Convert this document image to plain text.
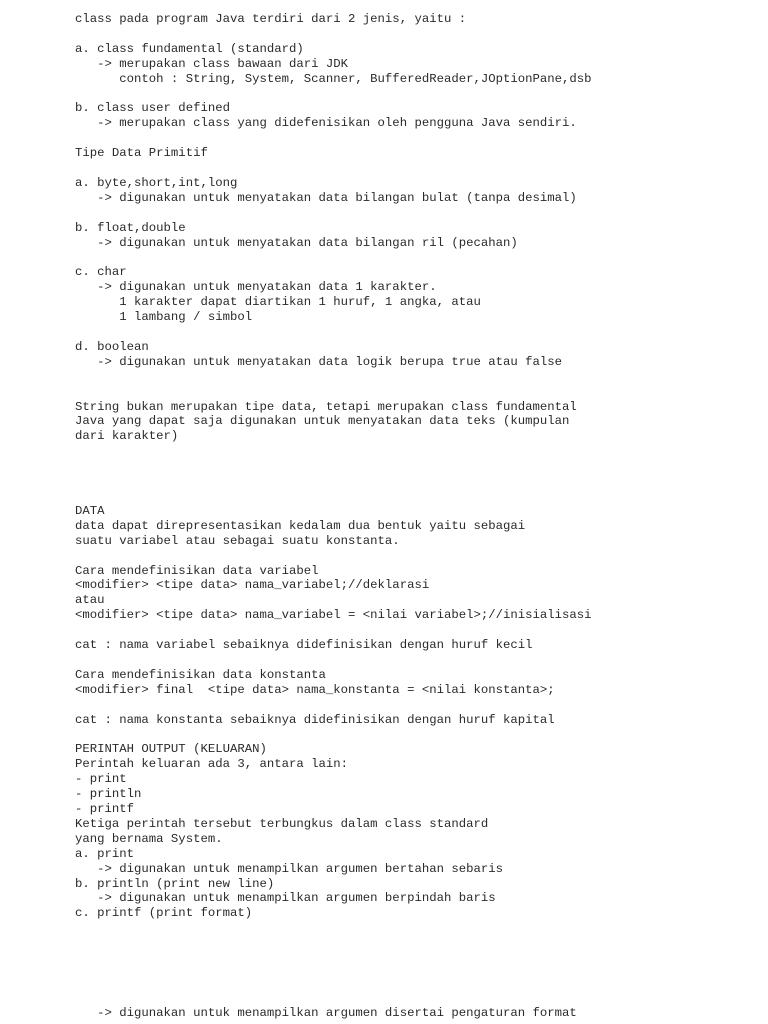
class pada program Java terdiri dari 2 jenis, yaitu :

a. class fundamental (standard)
-> merupakan class bawaan dari JDK
contoh : String, System, Scanner, BufferedReader,JOptionPane,dsb

b. class user defined
-> merupakan class yang didefenisikan oleh pengguna Java sendiri.

Tipe Data Primitif

a. byte,short,int,long
-> digunakan untuk menyatakan data bilangan bulat (tanpa desimal)

b. float,double
-> digunakan untuk menyatakan data bilangan ril (pecahan)

c. char
-> digunakan untuk menyatakan data 1 karakter.
1 karakter dapat diartikan 1 huruf, 1 angka, atau
1 lambang / simbol

d. boolean
-> digunakan untuk menyatakan data logik berupa true atau false

String bukan merupakan tipe data, tetapi merupakan class fundamental
Java yang dapat saja digunakan untuk menyatakan data teks (kumpulan
dari karakter)

DATA
data dapat direpresentasikan kedalam dua bentuk yaitu sebagai
suatu variabel atau sebagai suatu konstanta.

Cara mendefinisikan data variabel
<modifier> <tipe data> nama_variabel;//deklarasi
atau
<modifier> <tipe data> nama_variabel = <nilai variabel>;//inisialisasi

cat : nama variabel sebaiknya didefinisikan dengan huruf kecil

Cara mendefinisikan data konstanta
<modifier> final  <tipe data> nama_konstanta = <nilai konstanta>;

cat : nama konstanta sebaiknya didefinisikan dengan huruf kapital

PERINTAH OUTPUT (KELUARAN)
Perintah keluaran ada 3, antara lain:
- print
- println
- printf
Ketiga perintah tersebut terbungkus dalam class standard
yang bernama System.
a. print
-> digunakan untuk menampilkan argumen bertahan sebaris
b. println (print new line)
-> digunakan untuk menampilkan argumen berpindah baris
c. printf (print format)
-> digunakan untuk menampilkan argumen disertai pengaturan format
